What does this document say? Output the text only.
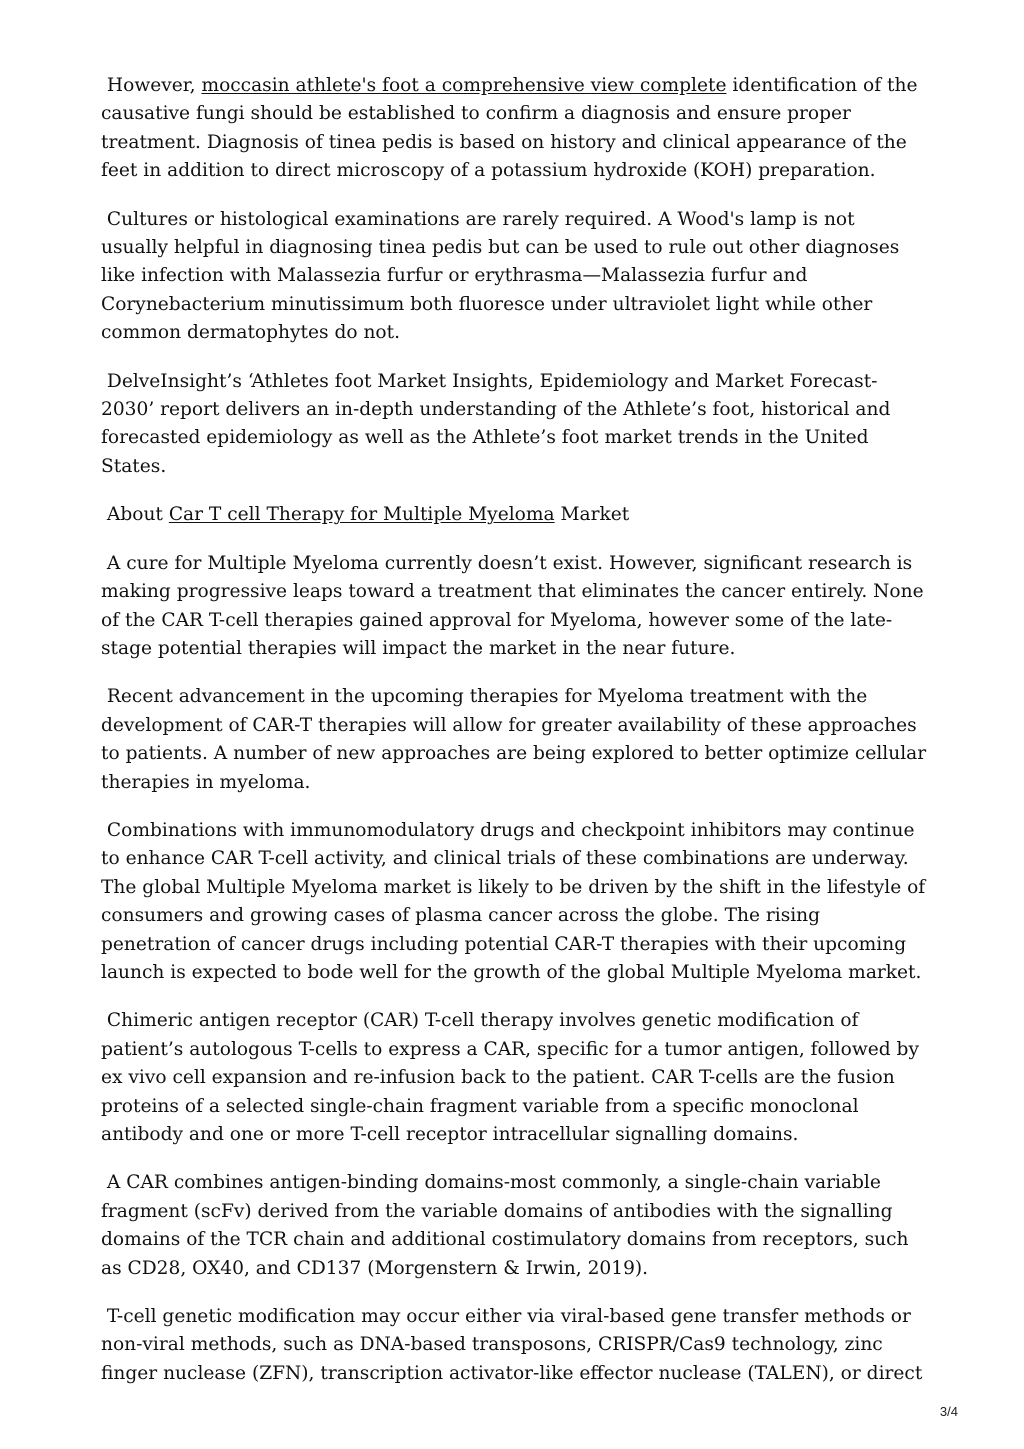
However, moccasin athlete's foot a comprehensive view complete identification of the causative fungi should be established to confirm a diagnosis and ensure proper treatment. Diagnosis of tinea pedis is based on history and clinical appearance of the feet in addition to direct microscopy of a potassium hydroxide (KOH) preparation.

Cultures or histological examinations are rarely required. A Wood's lamp is not usually helpful in diagnosing tinea pedis but can be used to rule out other diagnoses like infection with Malassezia furfur or erythrasma—Malassezia furfur and Corynebacterium minutissimum both fluoresce under ultraviolet light while other common dermatophytes do not.

DelveInsight’s ‘Athletes foot Market Insights, Epidemiology and Market Forecast-2030’ report delivers an in-depth understanding of the Athlete’s foot, historical and forecasted epidemiology as well as the Athlete’s foot market trends in the United States.

About Car T cell Therapy for Multiple Myeloma Market

A cure for Multiple Myeloma currently doesn’t exist. However, significant research is making progressive leaps toward a treatment that eliminates the cancer entirely. None of the CAR T-cell therapies gained approval for Myeloma, however some of the late-stage potential therapies will impact the market in the near future.

Recent advancement in the upcoming therapies for Myeloma treatment with the development of CAR-T therapies will allow for greater availability of these approaches to patients. A number of new approaches are being explored to better optimize cellular therapies in myeloma.

Combinations with immunomodulatory drugs and checkpoint inhibitors may continue to enhance CAR T-cell activity, and clinical trials of these combinations are underway. The global Multiple Myeloma market is likely to be driven by the shift in the lifestyle of consumers and growing cases of plasma cancer across the globe. The rising penetration of cancer drugs including potential CAR-T therapies with their upcoming launch is expected to bode well for the growth of the global Multiple Myeloma market.

Chimeric antigen receptor (CAR) T-cell therapy involves genetic modification of patient’s autologous T-cells to express a CAR, specific for a tumor antigen, followed by ex vivo cell expansion and re-infusion back to the patient. CAR T-cells are the fusion proteins of a selected single-chain fragment variable from a specific monoclonal antibody and one or more T-cell receptor intracellular signalling domains.

A CAR combines antigen-binding domains-most commonly, a single-chain variable fragment (scFv) derived from the variable domains of antibodies with the signalling domains of the TCR chain and additional costimulatory domains from receptors, such as CD28, OX40, and CD137 (Morgenstern & Irwin, 2019).

T-cell genetic modification may occur either via viral-based gene transfer methods or non-viral methods, such as DNA-based transposons, CRISPR/Cas9 technology, zinc finger nuclease (ZFN), transcription activator-like effector nuclease (TALEN), or direct

3/4
